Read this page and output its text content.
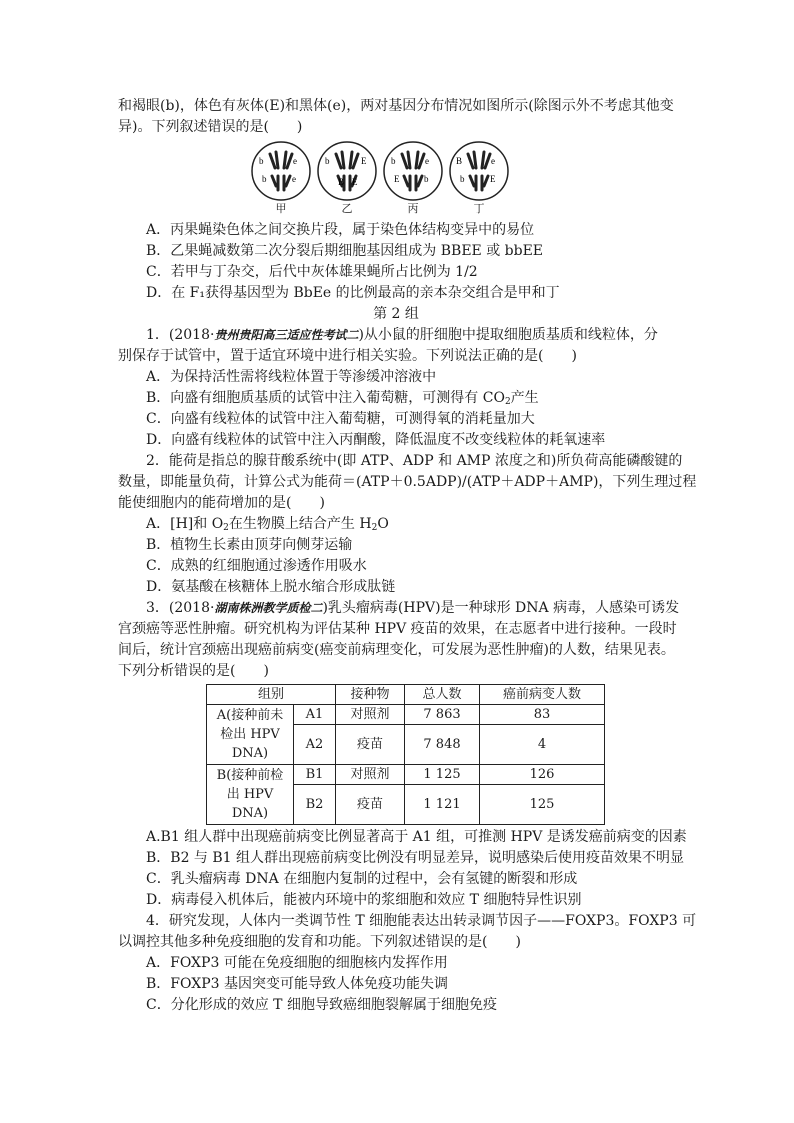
和褐眼(b)，体色有灰体(E)和黑体(e)，两对基因分布情况如图所示(除图示外不考虑其他变
异)。下列叙述错误的是(　　)
b	e
b	e
甲
b	E
B E
乙
b	e
E	b
丙
B	e
b	E
丁
A．丙果蝇染色体之间交换片段，属于染色体结构变异中的易位
B．乙果蝇减数第二次分裂后期细胞基因组成为 BBEE 或 bbEE
C．若甲与丁杂交，后代中灰体雄果蝇所占比例为 1/2
D．在 F₁获得基因型为 BbEe 的比例最高的亲本杂交组合是甲和丁
第 2 组
1．(2018·贵州贵阳高三适应性考试二)从小鼠的肝细胞中提取细胞质基质和线粒体，分
别保存于试管中，置于适宜环境中进行相关实验。下列说法正确的是(　　)
A．为保持活性需将线粒体置于等渗缓冲溶液中
B．向盛有细胞质基质的试管中注入葡萄糖，可测得有 $CO_2$产生
C．向盛有线粒体的试管中注入葡萄糖，可测得氧的消耗量加大
D．向盛有线粒体的试管中注入丙酮酸，降低温度不改变线粒体的耗氧速率
2．能荷是指总的腺苷酸系统中(即 ATP、ADP 和 AMP 浓度之和)所负荷高能磷酸键的
数量，即能量负荷，计算公式为能荷＝(ATP＋0.5ADP)/(ATP＋ADP＋AMP)，下列生理过程
能使细胞内的能荷增加的是(　　)
A．[H]和 $O_2$在生物膜上结合产生 $H_2O$
B．植物生长素由顶芽向侧芽运输
C．成熟的红细胞通过渗透作用吸水
D．氨基酸在核糖体上脱水缩合形成肽链
3．(2018·湖南株洲教学质检二)乳头瘤病毒(HPV)是一种球形 DNA 病毒，人感染可诱发
宫颈癌等恶性肿瘤。研究机构为评估某种 HPV 疫苗的效果，在志愿者中进行接种。一段时
间后，统计宫颈癌出现癌前病变(癌变前病理变化，可发展为恶性肿瘤)的人数，结果见表。
下列分析错误的是(　　)
组别		接种物	总人数	癌前病变人数

A(接种前未
检出 HPV
DNA)	A1	对照剂	7 863	83
	A2	疫苗	7 848	4

B(接种前检
出 HPV
DNA)	B1	对照剂	1 125	126
	B2	疫苗	1 121	125
A.B1 组人群中出现癌前病变比例显著高于 A1 组，可推测 HPV 是诱发癌前病变的因素
B．B2 与 B1 组人群出现癌前病变比例没有明显差异，说明感染后使用疫苗效果不明显
C．乳头瘤病毒 DNA 在细胞内复制的过程中，会有氢键的断裂和形成
D．病毒侵入机体后，能被内环境中的浆细胞和效应 T 细胞特异性识别
4．研究发现，人体内一类调节性 T 细胞能表达出转录调节因子——FOXP3。FOXP3 可
以调控其他多种免疫细胞的发育和功能。下列叙述错误的是(　　)
A．FOXP3 可能在免疫细胞的细胞核内发挥作用
B．FOXP3 基因突变可能导致人体免疫功能失调
C．分化形成的效应 T 细胞导致癌细胞裂解属于细胞免疫
